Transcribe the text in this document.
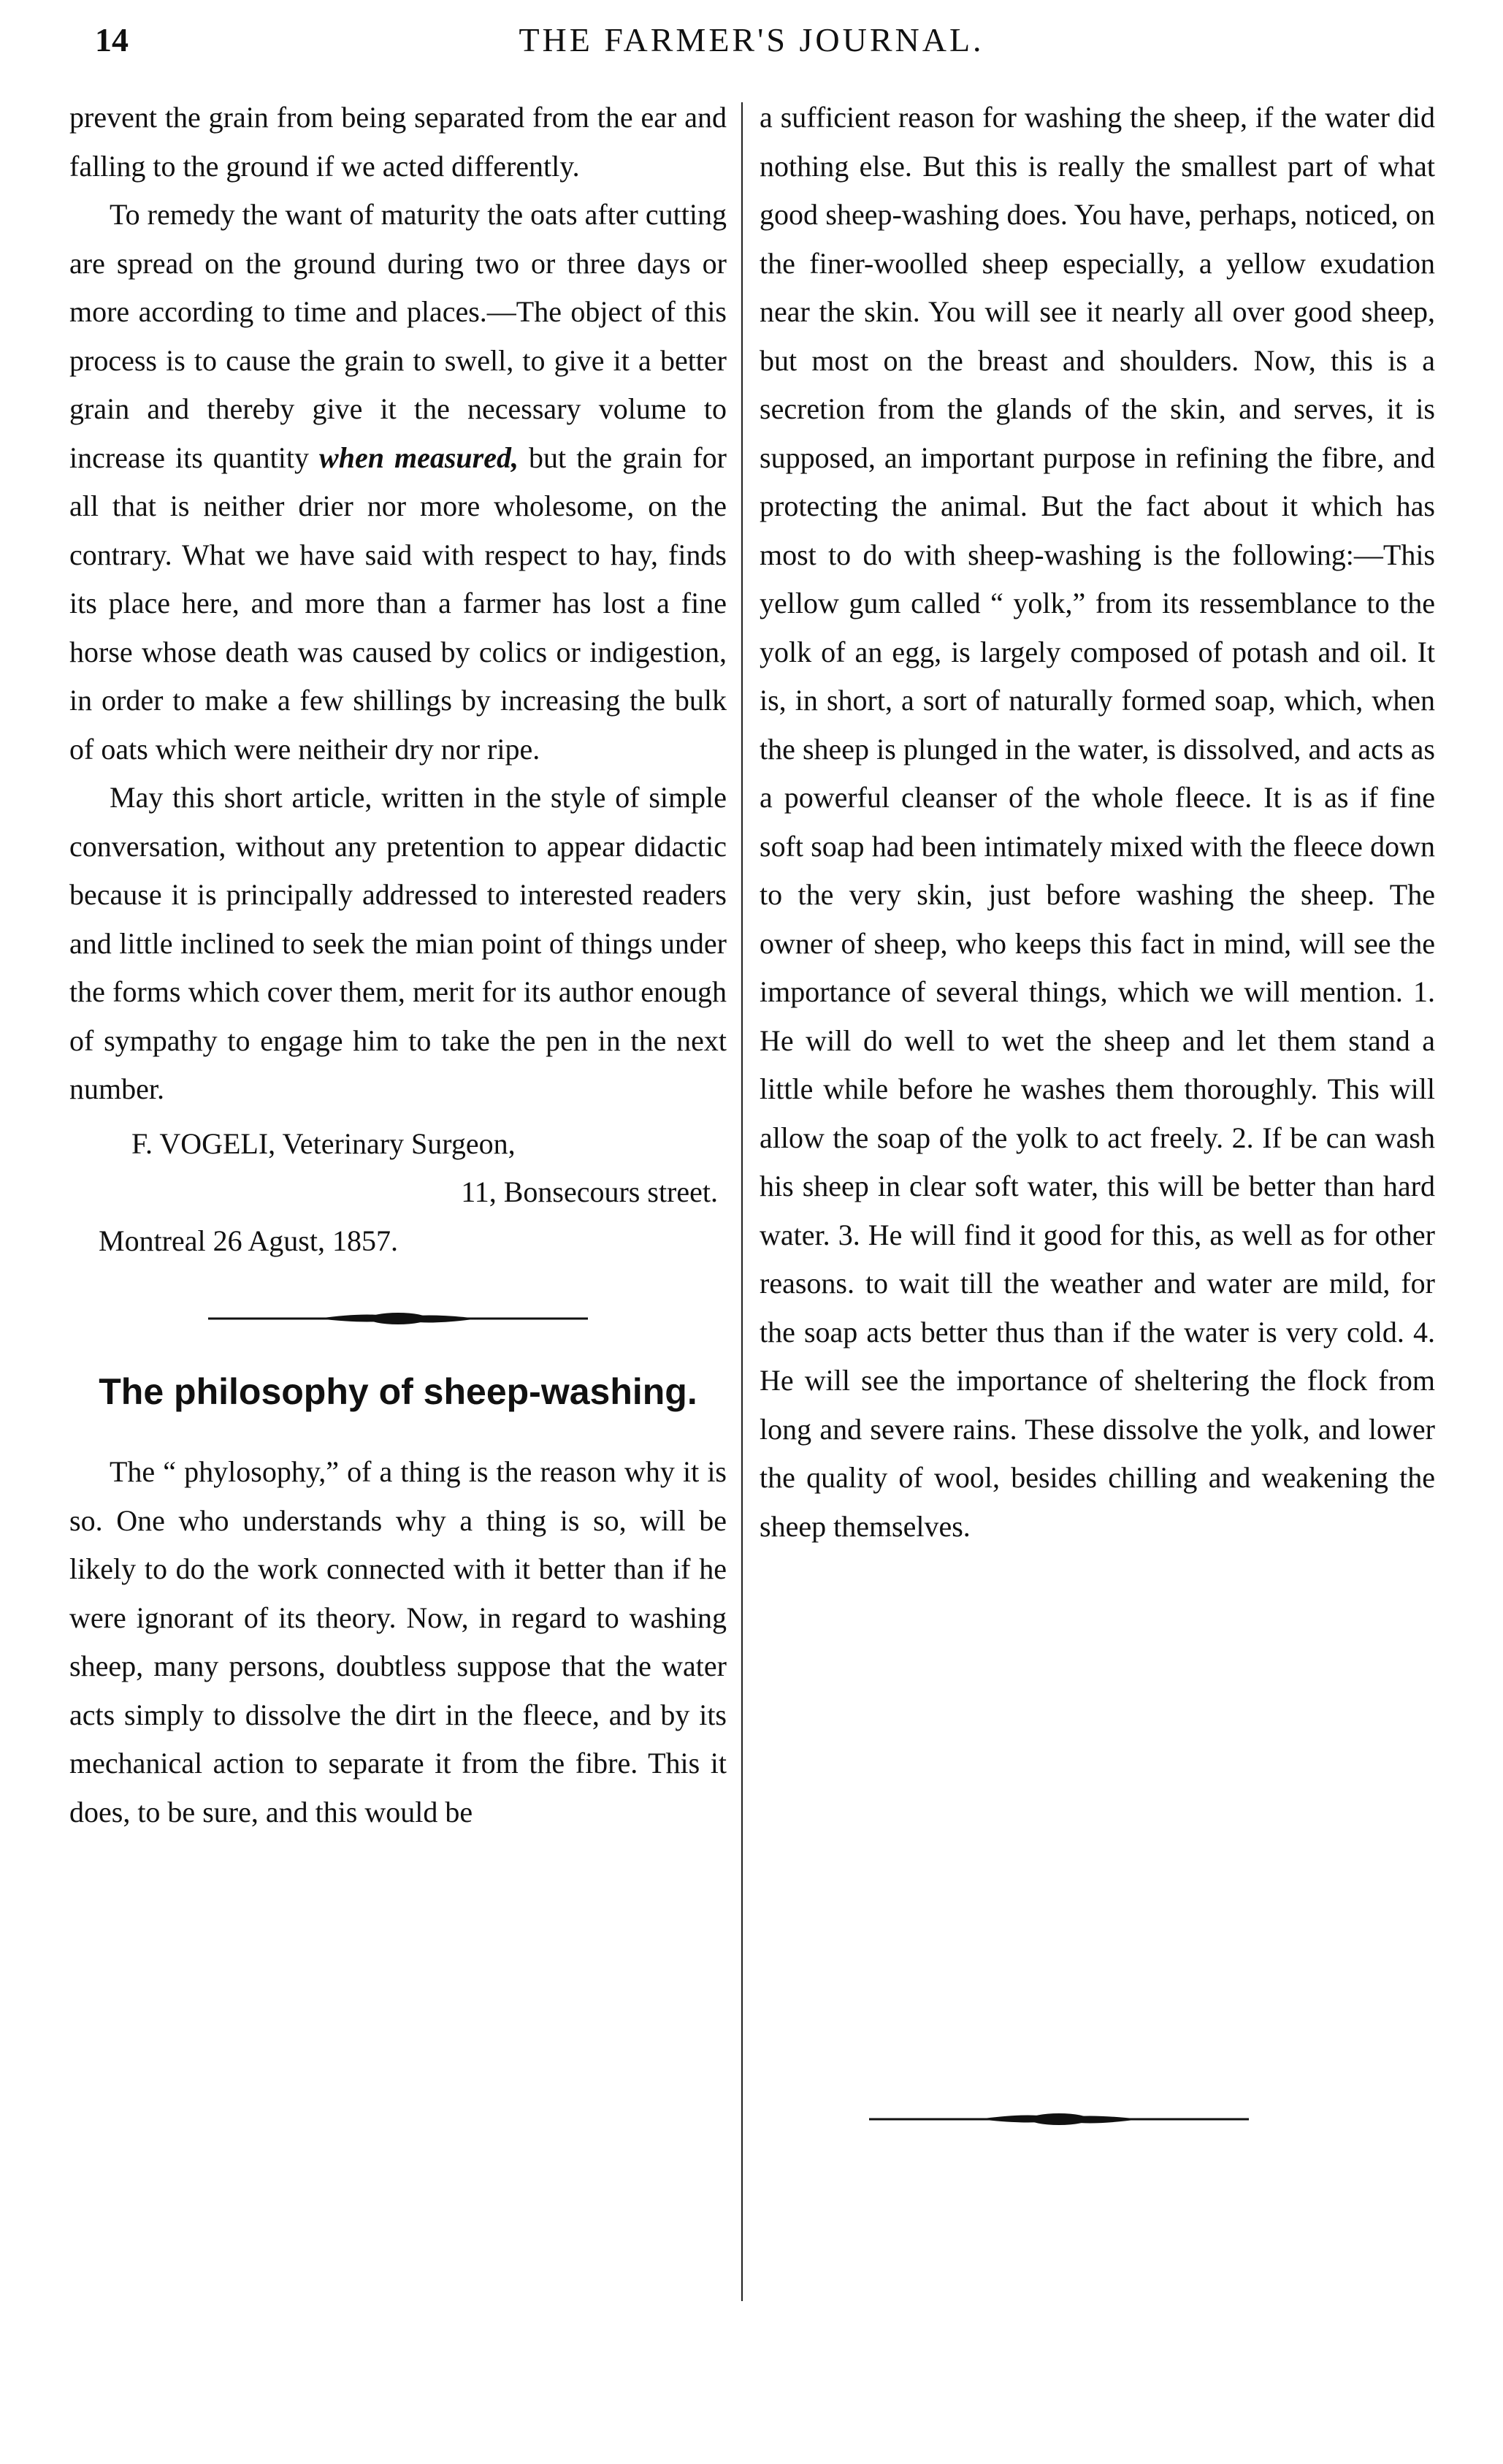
14	THE FARMER'S JOURNAL.

prevent the grain from being separated from the ear and falling to the ground if we acted differently.

To remedy the want of maturity the oats after cutting are spread on the ground during two or three days or more according to time and places.—The object of this process is to cause the grain to swell, to give it a better grain and thereby give it the necessary volume to increase its quantity when measured, but the grain for all that is neither drier nor more wholesome, on the contrary. What we have said with respect to hay, finds its place here, and more than a farmer has lost a fine horse whose death was caused by colics or indigestion, in order to make a few shillings by increasing the bulk of oats which were neitheir dry nor ripe.

May this short article, written in the style of simple conversation, without any pretention to appear didactic because it is principally addressed to interested readers and little inclined to seek the mian point of things under the forms which cover them, merit for its author enough of sympathy to engage him to take the pen in the next number.

F. VOGELI, Veterinary Surgeon,

11, Bonsecours street.

Montreal 26 Agust, 1857.

The philosophy of sheep-washing.

The “ phylosophy,” of a thing is the reason why it is so. One who understands why a thing is so, will be likely to do the work connected with it better than if he were ignorant of its theory. Now, in regard to washing sheep, many persons, doubtless suppose that the water acts simply to dissolve the dirt in the fleece, and by its mechanical action to separate it from the fibre. This it does, to be sure, and this would be

a sufficient reason for washing the sheep, if the water did nothing else. But this is really the smallest part of what good sheep-washing does. You have, perhaps, noticed, on the finer-woolled sheep especially, a yellow exudation near the skin. You will see it nearly all over good sheep, but most on the breast and shoulders. Now, this is a secretion from the glands of the skin, and serves, it is supposed, an important purpose in refining the fibre, and protecting the animal. But the fact about it which has most to do with sheep-washing is the following:—This yellow gum called “ yolk,” from its ressemblance to the yolk of an egg, is largely composed of potash and oil. It is, in short, a sort of naturally formed soap, which, when the sheep is plunged in the water, is dissolved, and acts as a powerful cleanser of the whole fleece. It is as if fine soft soap had been intimately mixed with the fleece down to the very skin, just before washing the sheep. The owner of sheep, who keeps this fact in mind, will see the importance of several things, which we will mention. 1. He will do well to wet the sheep and let them stand a little while before he washes them thoroughly. This will allow the soap of the yolk to act freely. 2. If be can wash his sheep in clear soft water, this will be better than hard water. 3. He will find it good for this, as well as for other reasons. to wait till the weather and water are mild, for the soap acts better thus than if the water is very cold. 4. He will see the importance of sheltering the flock from long and severe rains. These dissolve the yolk, and lower the quality of wool, besides chilling and weakening the sheep themselves.
